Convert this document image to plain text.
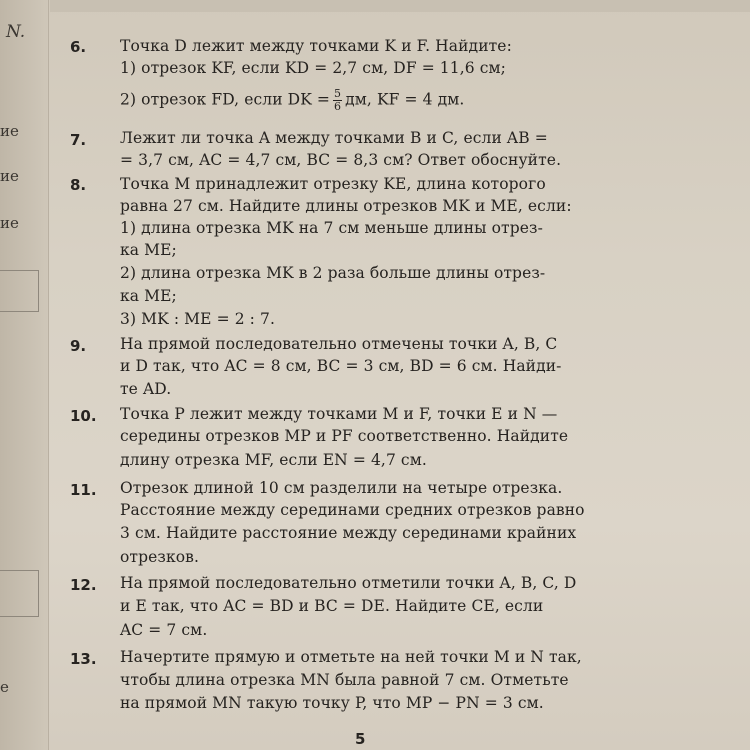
N.
ие
ие
ие
е
6. Точка D лежит между точками K и F. Найдите:
1) отрезок KF, если KD = 2,7 см, DF = 11,6 см;
2) отрезок FD, если DK = $\frac{5}{6}$ дм, KF = 4 дм.
7. Лежит ли точка A между точками B и C, если AB =
= 3,7 см, AC = 4,7 см, BC = 8,3 см? Ответ обоснуйте.
8. Точка M принадлежит отрезку KE, длина которого
равна 27 см. Найдите длины отрезков MK и ME, если:
1) длина отрезка MK на 7 см меньше длины отрез-
ка ME;
2) длина отрезка MK в 2 раза больше длины отрез-
ка ME;
3) MK : ME = 2 : 7.
9. На прямой последовательно отмечены точки A, B, C
и D так, что AC = 8 см, BC = 3 см, BD = 6 см. Найди-
те AD.
10. Точка P лежит между точками M и F, точки E и N —
середины отрезков MP и PF соответственно. Найдите
длину отрезка MF, если EN = 4,7 см.
11. Отрезок длиной 10 см разделили на четыре отрезка.
Расстояние между серединами средних отрезков равно
3 см. Найдите расстояние между серединами крайних
отрезков.
12. На прямой последовательно отметили точки A, B, C, D
и E так, что AC = BD и BC = DE. Найдите CE, если
AC = 7 см.
13. Начертите прямую и отметьте на ней точки M и N так,
чтобы длина отрезка MN была равной 7 см. Отметьте
на прямой MN такую точку P, что MP − PN = 3 см.
5
